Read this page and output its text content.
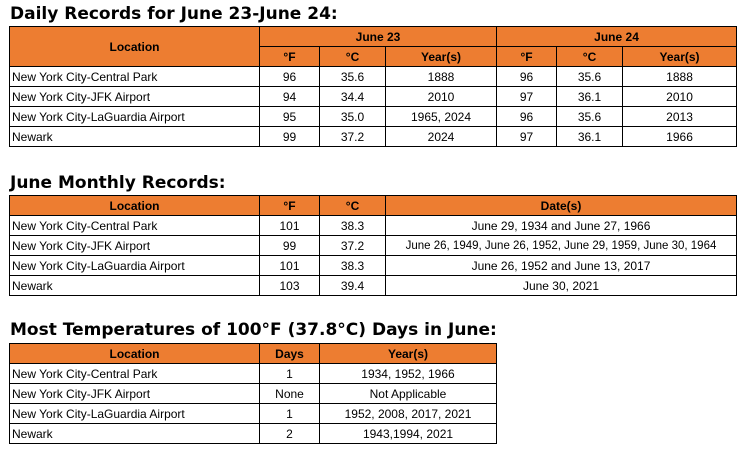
Daily Records for June 23-June 24:
Location	June 23			June 24		
	°F	°C	Year(s)	°F	°C	Year(s)
New York City-Central Park	96	35.6	1888	96	35.6	1888
New York City-JFK Airport	94	34.4	2010	97	36.1	2010
New York City-LaGuardia Airport	95	35.0	1965, 2024	96	35.6	2013
Newark	99	37.2	2024	97	36.1	1966
June Monthly Records:
Location	°F	°C	Date(s)
New York City-Central Park	101	38.3	June 29, 1934 and June 27, 1966
New York City-JFK Airport	99	37.2	June 26, 1949, June 26, 1952, June 29, 1959, June 30, 1964
New York City-LaGuardia Airport	101	38.3	June 26, 1952 and June 13, 2017
Newark	103	39.4	June 30, 2021
Most Temperatures of 100°F (37.8°C) Days in June:
Location	Days	Year(s)
New York City-Central Park	1	1934, 1952, 1966
New York City-JFK Airport	None	Not Applicable
New York City-LaGuardia Airport	1	1952, 2008, 2017, 2021
Newark	2	1943,1994, 2021
